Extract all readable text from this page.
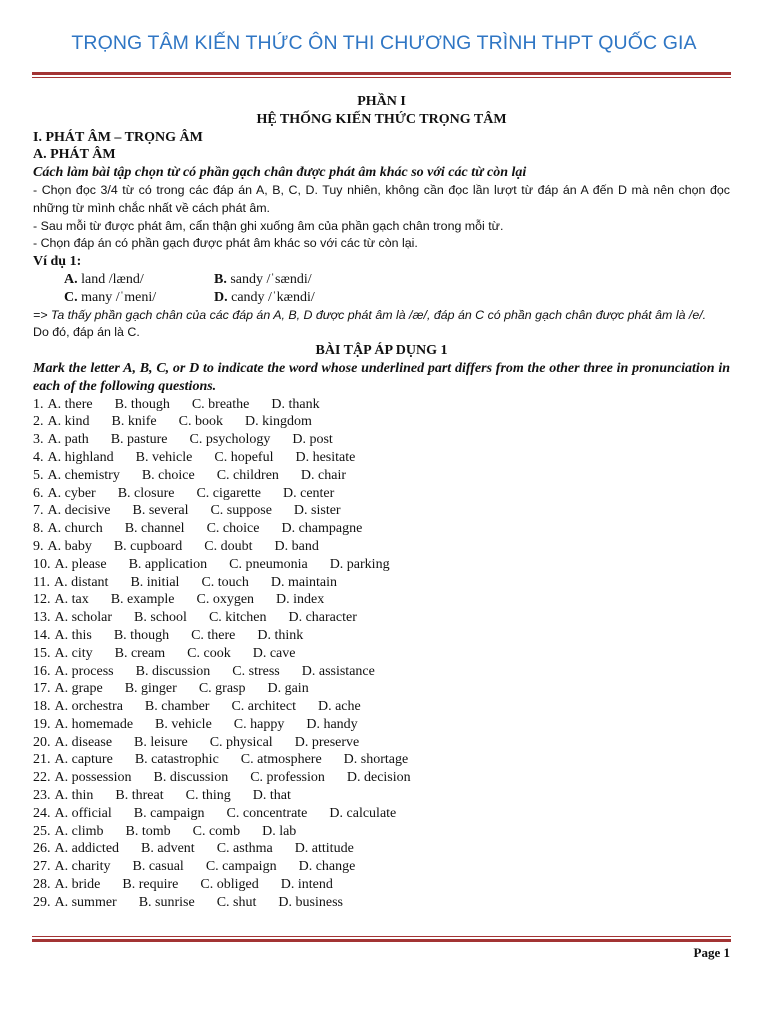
TRỌNG TÂM KIẾN THỨC ÔN THI CHƯƠNG TRÌNH THPT QUỐC GIA
PHẦN I
HỆ THỐNG KIẾN THỨC TRỌNG TÂM
I. PHÁT ÂM – TRỌNG ÂM
A. PHÁT ÂM
Cách làm bài tập chọn từ có phần gạch chân được phát âm khác so với các từ còn lại
- Chọn đọc 3/4 từ có trong các đáp án A, B, C, D. Tuy nhiên, không cần đọc lần lượt từ đáp án A đến D mà nên chọn đọc những từ mình chắc nhất về cách phát âm.
- Sau mỗi từ được phát âm, cẩn thận ghi xuống âm của phần gạch chân trong mỗi từ.
- Chọn đáp án có phần gạch được phát âm khác so với các từ còn lại.
Ví dụ 1:
A. land /lænd/	B. sandy /ˈsændi/
C. many /ˈmeni/	D. candy /ˈkændi/
=> Ta thấy phần gạch chân của các đáp án A, B, D được phát âm là /æ/, đáp án C có phần gạch chân được phát âm là /e/.
Do đó, đáp án là C.
BÀI TẬP ÁP DỤNG 1
Mark the letter A, B, C, or D to indicate the word whose underlined part differs from the other three in pronunciation in each of the following questions.
1. A. there B. though C. breathe D. thank
2. A. kind B. knife C. book D. kingdom
3. A. path B. pasture C. psychology D. post
4. A. highland B. vehicle C. hopeful D. hesitate
5. A. chemistry B. choice C. children D. chair
6. A. cyber B. closure C. cigarette D. center
7. A. decisive B. several C. suppose D. sister
8. A. church B. channel C. choice D. champagne
9. A. baby B. cupboard C. doubt D. band
10. A. please B. application C. pneumonia D. parking
11. A. distant B. initial C. touch D. maintain
12. A. tax B. example C. oxygen D. index
13. A. scholar B. school C. kitchen D. character
14. A. this B. though C. there D. think
15. A. city B. cream C. cook D. cave
16. A. process B. discussion C. stress D. assistance
17. A. grape B. ginger C. grasp D. gain
18. A. orchestra B. chamber C. architect D. ache
19. A. homemade B. vehicle C. happy D. handy
20. A. disease B. leisure C. physical D. preserve
21. A. capture B. catastrophic C. atmosphere D. shortage
22. A. possession B. discussion C. profession D. decision
23. A. thin B. threat C. thing D. that
24. A. official B. campaign C. concentrate D. calculate
25. A. climb B. tomb C. comb D. lab
26. A. addicted B. advent C. asthma D. attitude
27. A. charity B. casual C. campaign D. change
28. A. bride B. require C. obliged D. intend
29. A. summer B. sunrise C. shut D. business
Page 1
